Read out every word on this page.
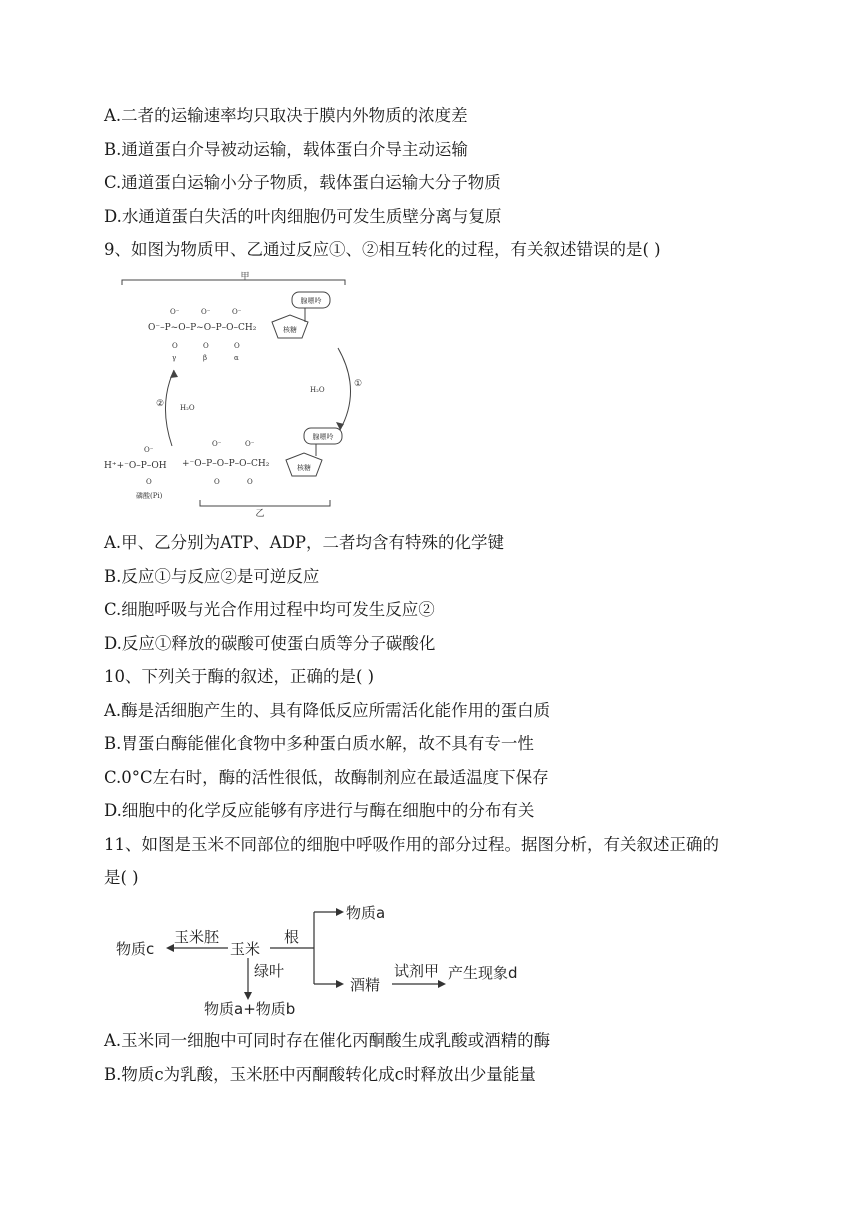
A.二者的运输速率均只取决于膜内外物质的浓度差
B.通道蛋白介导被动运输，载体蛋白介导主动运输
C.通道蛋白运输小分子物质，载体蛋白运输大分子物质
D.水通道蛋白失活的叶肉细胞仍可发生质壁分离与复原
9、如图为物质甲、乙通过反应①、②相互转化的过程，有关叙述错误的是( )
甲
O⁻	O⁻	O⁻
O⁻–P~O–P~O–P–O–CH₂
O	O	O
γ	β	α
腺嘌呤
核糖
①
H₂O
② H₂O
O⁻
H⁺+⁻O–P–OH
O
磷酸(Pi)
O⁻	O⁻
+⁻O–P–O–P–O–CH₂
O	O
腺嘌呤
核糖
乙
A.甲、乙分别为ATP、ADP，二者均含有特殊的化学键
B.反应①与反应②是可逆反应
C.细胞呼吸与光合作用过程中均可发生反应②
D.反应①释放的碳酸可使蛋白质等分子碳酸化
10、下列关于酶的叙述，正确的是( )
A.酶是活细胞产生的、具有降低反应所需活化能作用的蛋白质
B.胃蛋白酶能催化食物中多种蛋白质水解，故不具有专一性
C.0°C左右时，酶的活性很低，故酶制剂应在最适温度下保存
D.细胞中的化学反应能够有序进行与酶在细胞中的分布有关
11、如图是玉米不同部位的细胞中呼吸作用的部分过程。据图分析，有关叙述正确的
是( )
物质c
玉米胚
玉米
根
物质a
酒精
试剂甲 产生现象d
绿叶
物质a+物质b
A.玉米同一细胞中可同时存在催化丙酮酸生成乳酸或酒精的酶
B.物质c为乳酸，玉米胚中丙酮酸转化成c时释放出少量能量
